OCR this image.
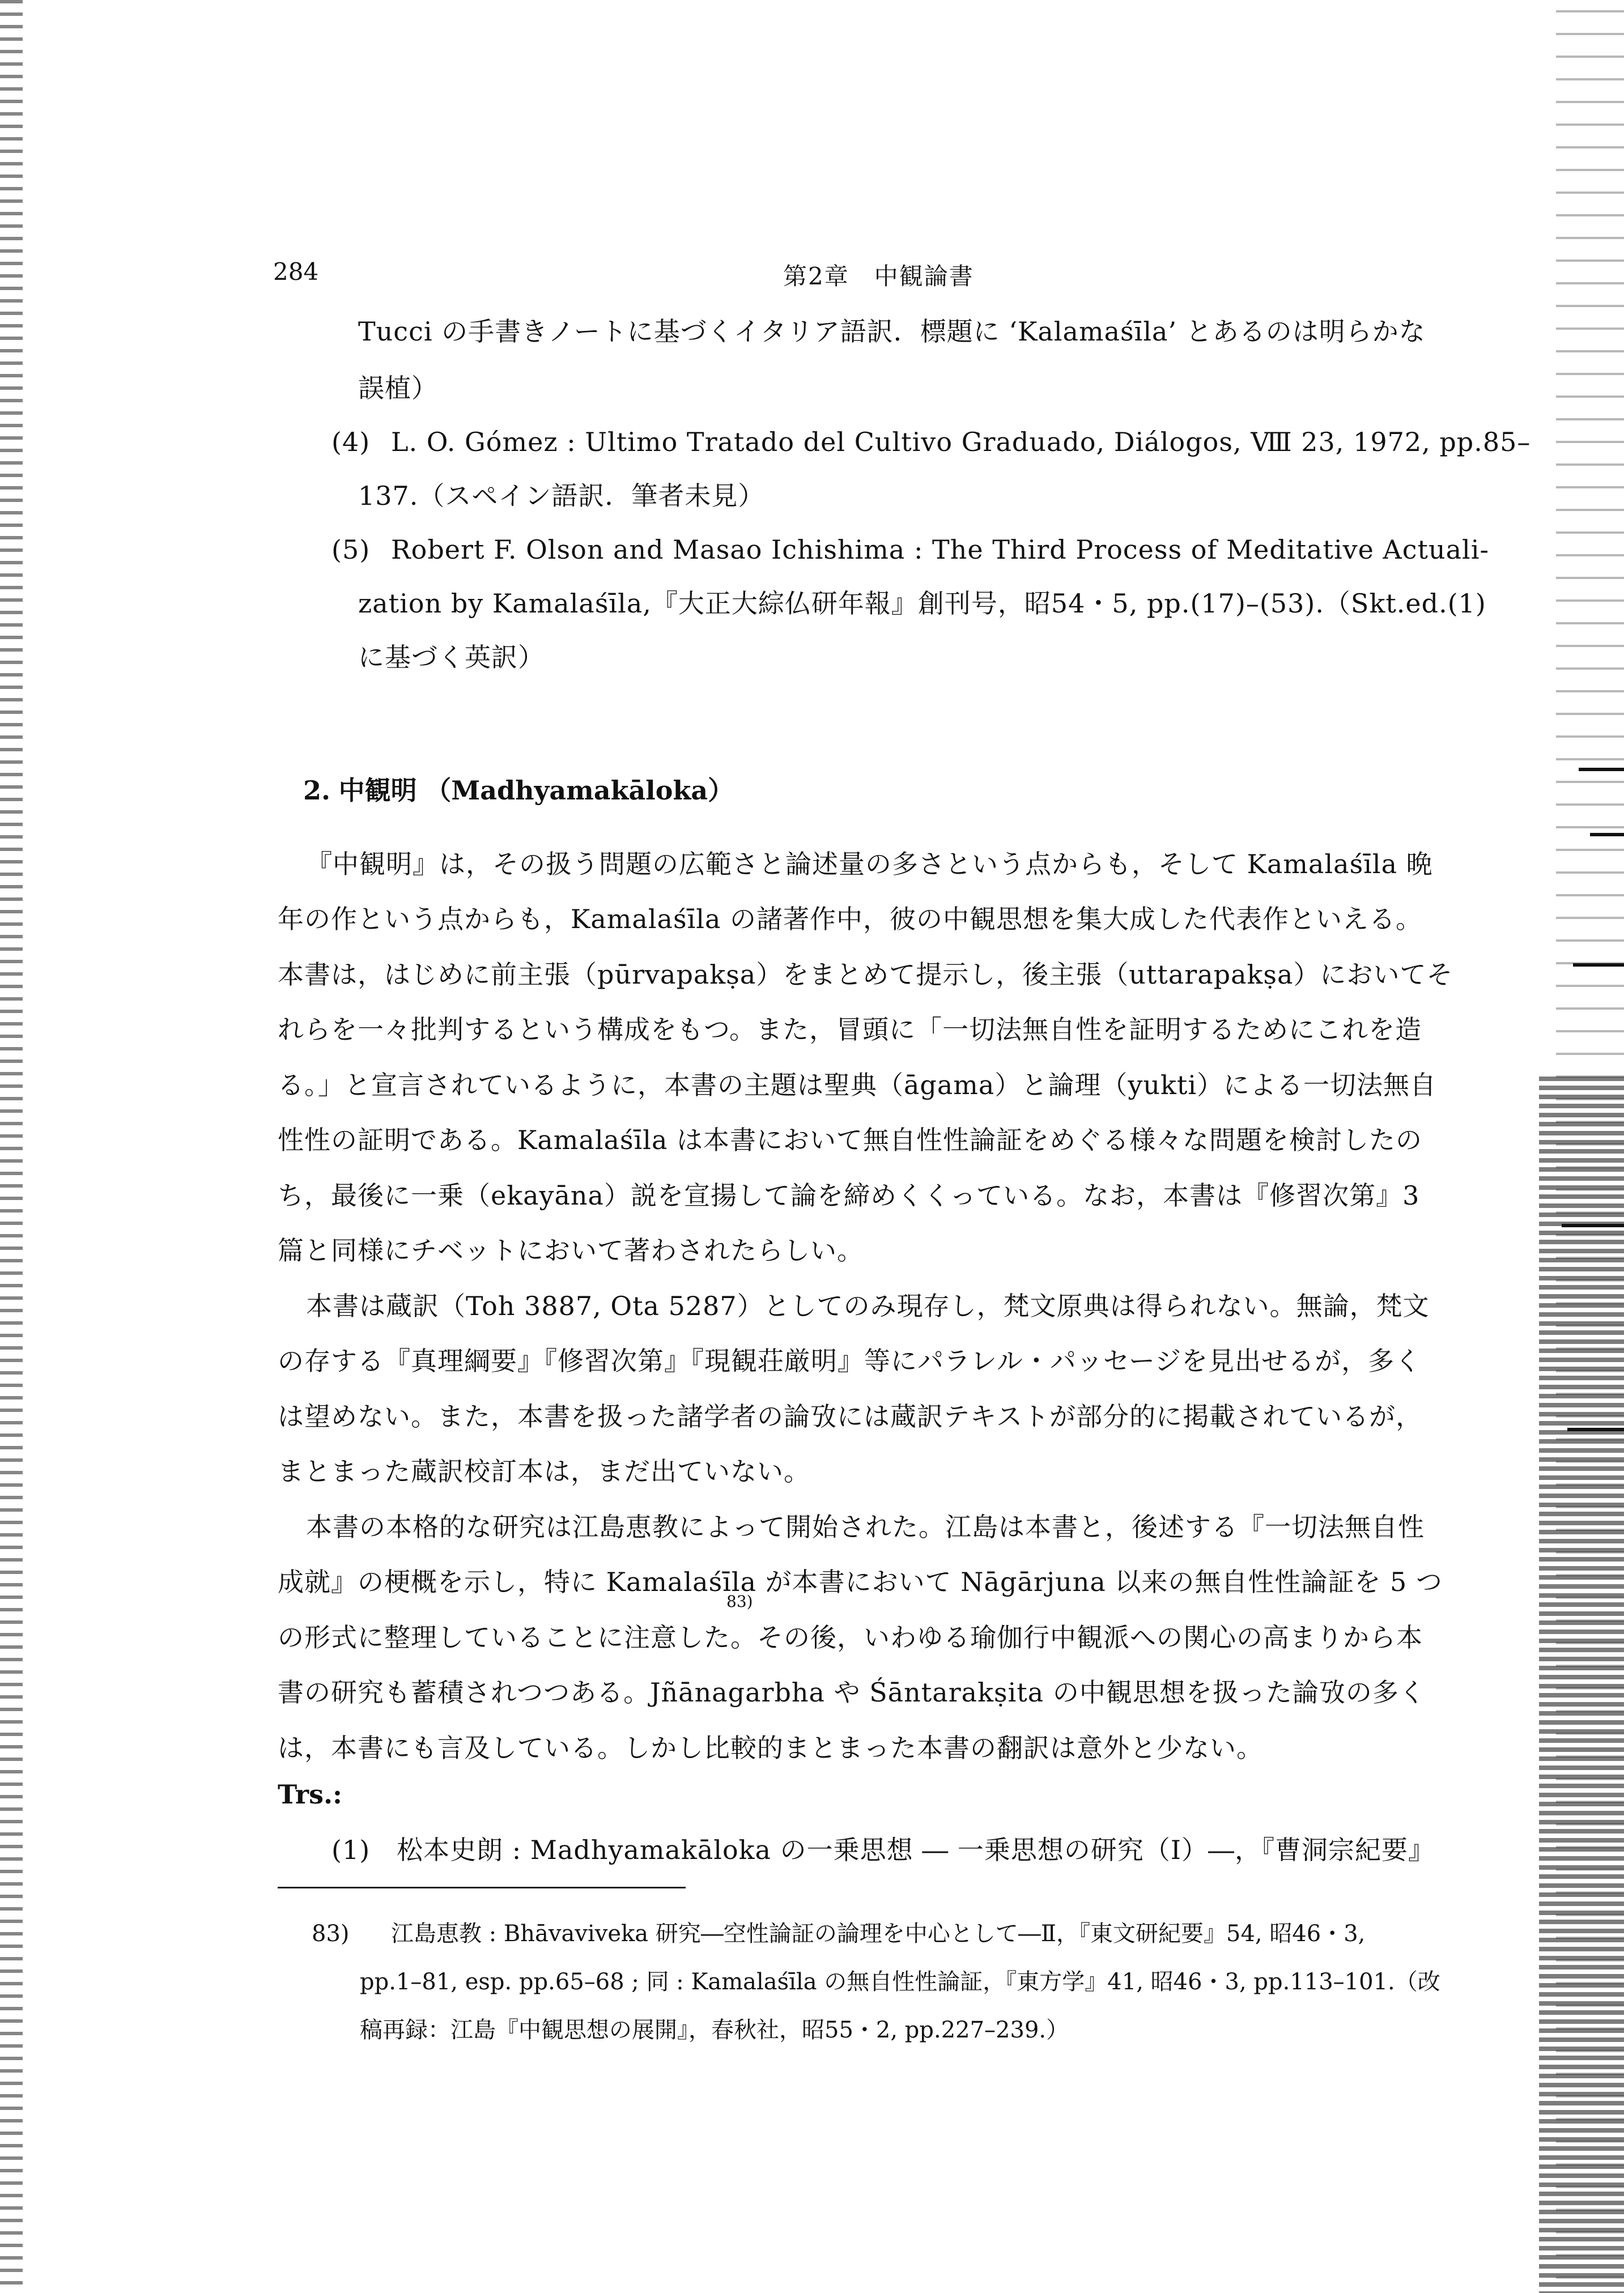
284	第2章　中観論書
Tucci の手書きノートに基づくイタリア語訳．標題に ‘Kalamaśīla’ とあるのは明らかな
誤植）
(4) L. O. Gómez : Ultimo Tratado del Cultivo Graduado, Diálogos, Ⅷ 23, 1972, pp.85–
137.（スペイン語訳．筆者未見）
(5) Robert F. Olson and Masao Ichishima : The Third Process of Meditative Actuali-
zation by Kamalaśīla,『大正大綜仏研年報』創刊号，昭54・5, pp.(17)–(53).（Skt.ed.(1)
に基づく英訳）
2. 中観明 （Madhyamakāloka）
『中観明』は，その扱う問題の広範さと論述量の多さという点からも，そして Kamalaśīla 晩
年の作という点からも，Kamalaśīla の諸著作中，彼の中観思想を集大成した代表作といえる。
本書は，はじめに前主張（pūrvapakṣa）をまとめて提示し，後主張（uttarapakṣa）においてそ
れらを一々批判するという構成をもつ。また，冒頭に「一切法無自性を証明するためにこれを造
る。」と宣言されているように，本書の主題は聖典（āgama）と論理（yukti）による一切法無自
性性の証明である。Kamalaśīla は本書において無自性性論証をめぐる様々な問題を検討したの
ち，最後に一乗（ekayāna）説を宣揚して論を締めくくっている。なお，本書は『修習次第』3
篇と同様にチベットにおいて著わされたらしい。
本書は蔵訳（Toh 3887, Ota 5287）としてのみ現存し，梵文原典は得られない。無論，梵文
の存する『真理綱要』『修習次第』『現観荘厳明』等にパラレル・パッセージを見出せるが，多く
は望めない。また，本書を扱った諸学者の論攷には蔵訳テキストが部分的に掲載されているが，
まとまった蔵訳校訂本は，まだ出ていない。
本書の本格的な研究は江島恵教によって開始された。江島は本書と，後述する『一切法無自性
成就』の梗概を示し，特に Kamalaśīla が本書において Nāgārjuna 以来の無自性性論証を 5 つ
83)
の形式に整理していることに注意した。その後，いわゆる瑜伽行中観派への関心の高まりから本
書の研究も蓄積されつつある。Jñānagarbha や Śāntarakṣita の中観思想を扱った論攷の多く
は，本書にも言及している。しかし比較的まとまった本書の翻訳は意外と少ない。
Trs.:
(1)　松本史朗 : Madhyamakāloka の一乗思想 ― 一乗思想の研究（Ⅰ）―，『曹洞宗紀要』
83) 江島恵教 : Bhāvaviveka 研究―空性論証の論理を中心として―Ⅱ，『東文研紀要』54, 昭46・3,
pp.1–81, esp. pp.65–68 ; 同 : Kamalaśīla の無自性性論証，『東方学』41, 昭46・3, pp.113–101.（改
稿再録：江島『中観思想の展開』，春秋社，昭55・2, pp.227–239.）
